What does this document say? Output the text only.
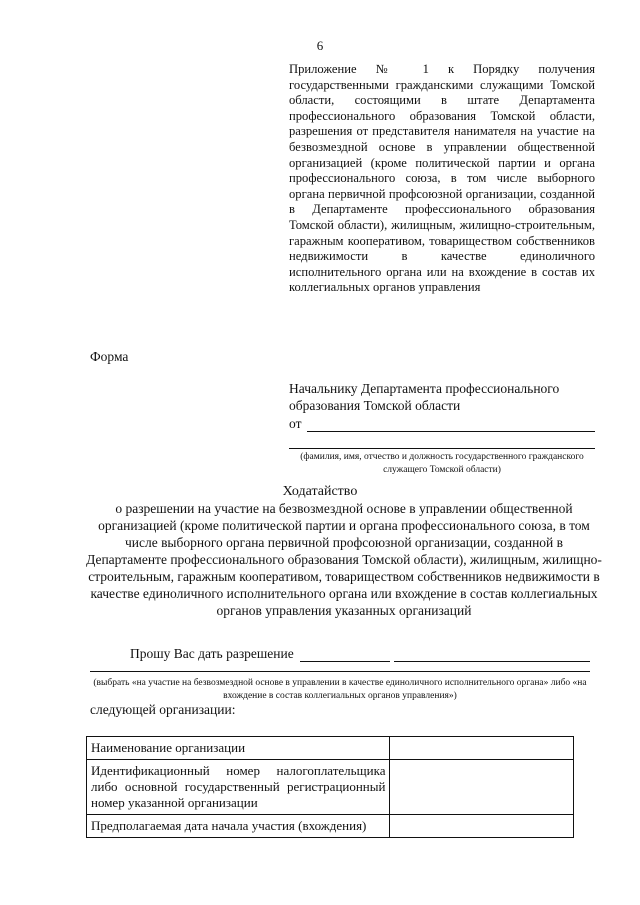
6
Приложение № 1 к Порядку получения государственными гражданскими служащими Томской области, состоящими в штате Департамента профессионального образования Томской области, разрешения от представителя нанимателя на участие на безвозмездной основе в управлении общественной организацией (кроме политической партии и органа профессионального союза, в том числе выборного органа первичной профсоюзной организации, созданной в Департаменте профессионального образования Томской области), жилищным, жилищно-строительным, гаражным кооперативом, товариществом собственников недвижимости в качестве единоличного исполнительного органа или на вхождение в состав их коллегиальных органов управления
Форма
Начальнику Департамента профессионального образования Томской области
от
(фамилия, имя, отчество и должность государственного гражданского служащего Томской области)
Ходатайство
о разрешении на участие на безвозмездной основе в управлении общественной организацией (кроме политической партии и органа профессионального союза, в том числе выборного органа первичной профсоюзной организации, созданной в Департаменте профессионального образования Томской области), жилищным, жилищно-строительным, гаражным кооперативом, товариществом собственников недвижимости в качестве единоличного исполнительного органа или вхождение в состав коллегиальных органов управления указанных организаций
Прошу Вас дать разрешение
(выбрать «на участие на безвозмездной основе в управлении в качестве единоличного исполнительного органа» либо «на вхождение в состав коллегиальных органов управления»)
следующей организации:
Наименование организации	
Идентификационный номер налогоплательщика либо основной государственный регистрационный номер указанной организации	
Предполагаемая дата начала участия (вхождения)	
